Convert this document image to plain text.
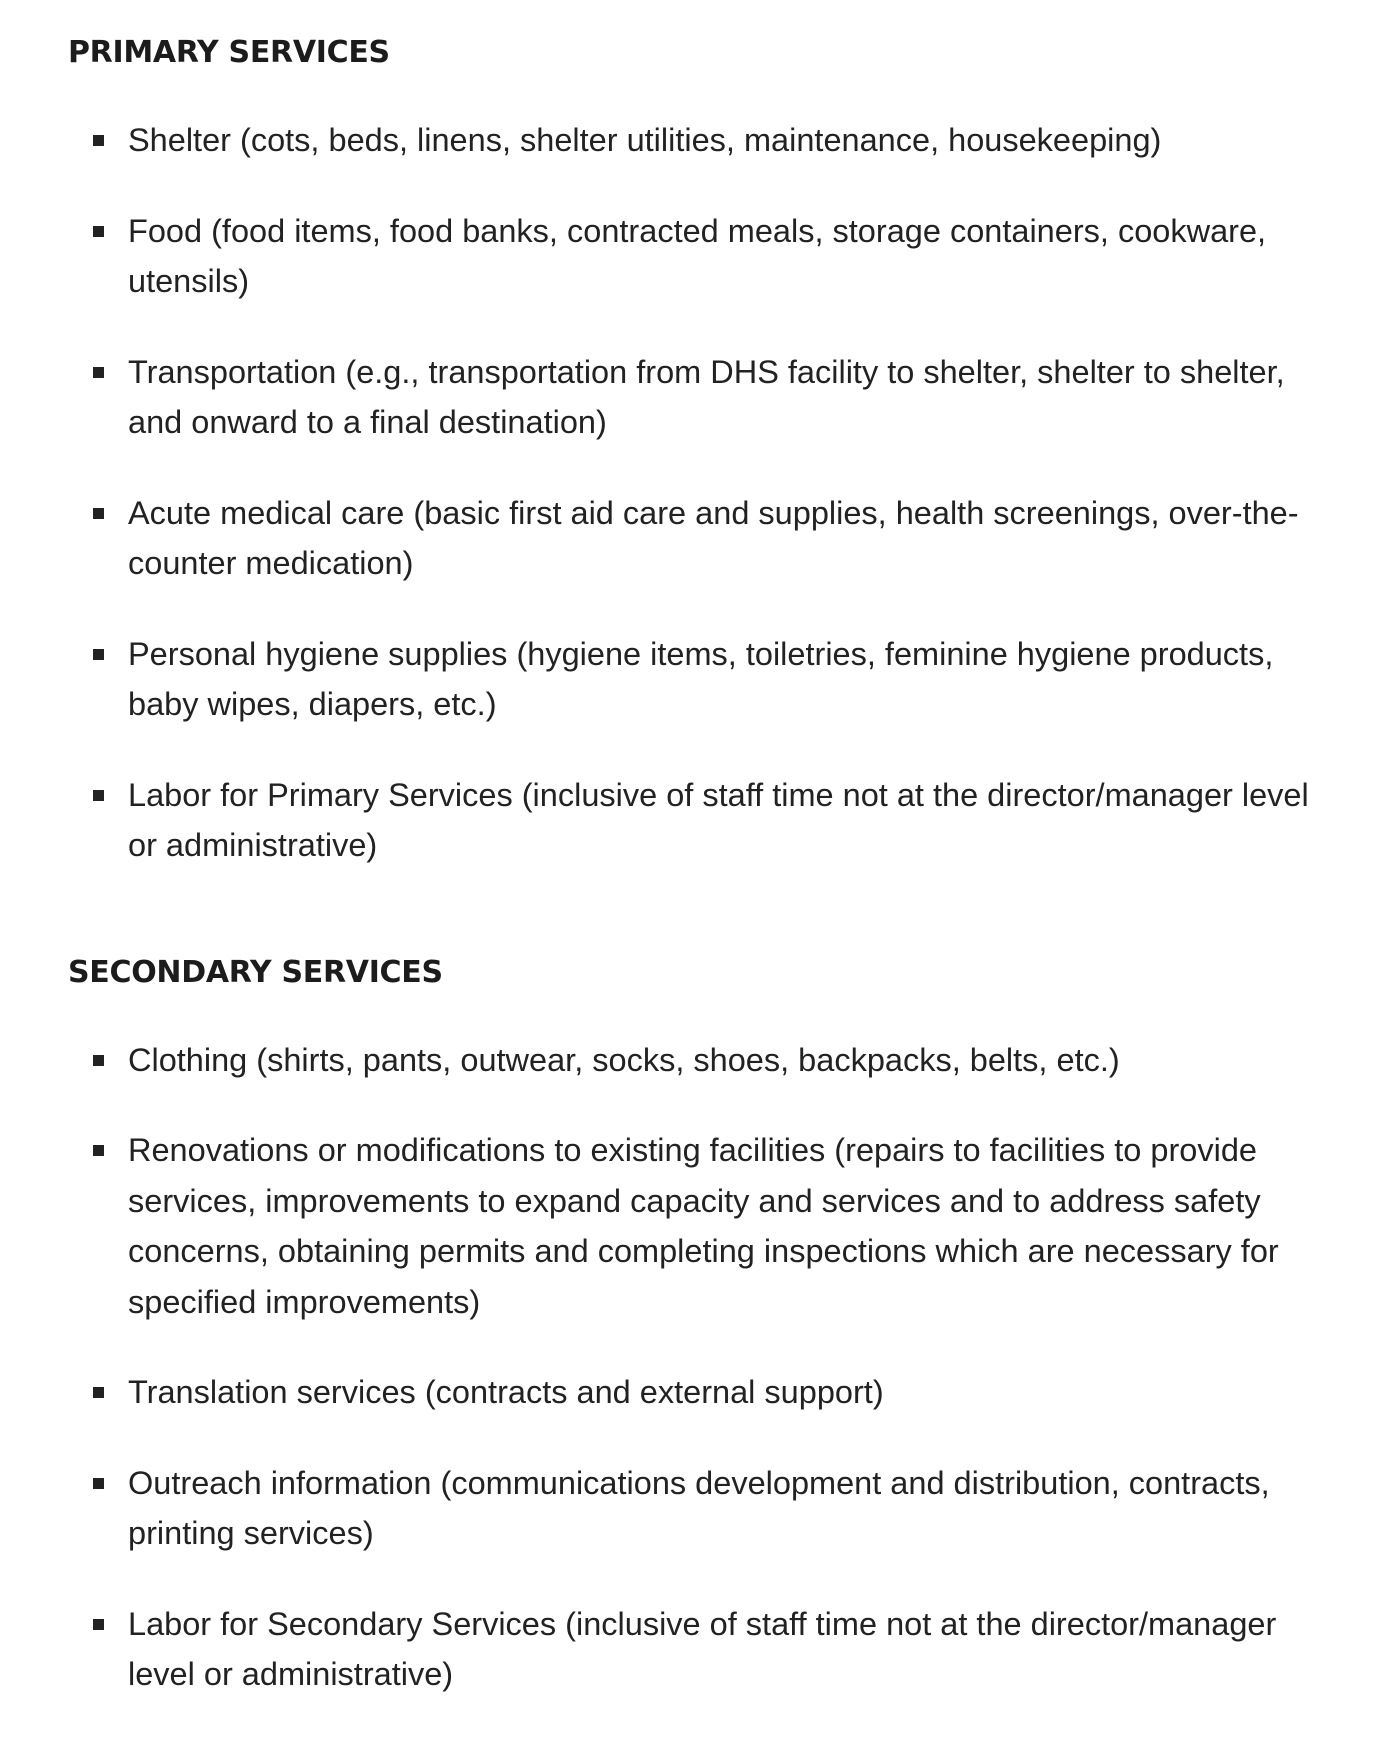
PRIMARY SERVICES
Shelter (cots, beds, linens, shelter utilities, maintenance, housekeeping)
Food (food items, food banks, contracted meals, storage containers, cookware, utensils)
Transportation (e.g., transportation from DHS facility to shelter, shelter to shelter, and onward to a final destination)
Acute medical care (basic first aid care and supplies, health screenings, over-the-counter medication)
Personal hygiene supplies (hygiene items, toiletries, feminine hygiene products, baby wipes, diapers, etc.)
Labor for Primary Services (inclusive of staff time not at the director/manager level or administrative)
SECONDARY SERVICES
Clothing (shirts, pants, outwear, socks, shoes, backpacks, belts, etc.)
Renovations or modifications to existing facilities (repairs to facilities to provide services, improvements to expand capacity and services and to address safety concerns, obtaining permits and completing inspections which are necessary for specified improvements)
Translation services (contracts and external support)
Outreach information (communications development and distribution, contracts, printing services)
Labor for Secondary Services (inclusive of staff time not at the director/manager level or administrative)
